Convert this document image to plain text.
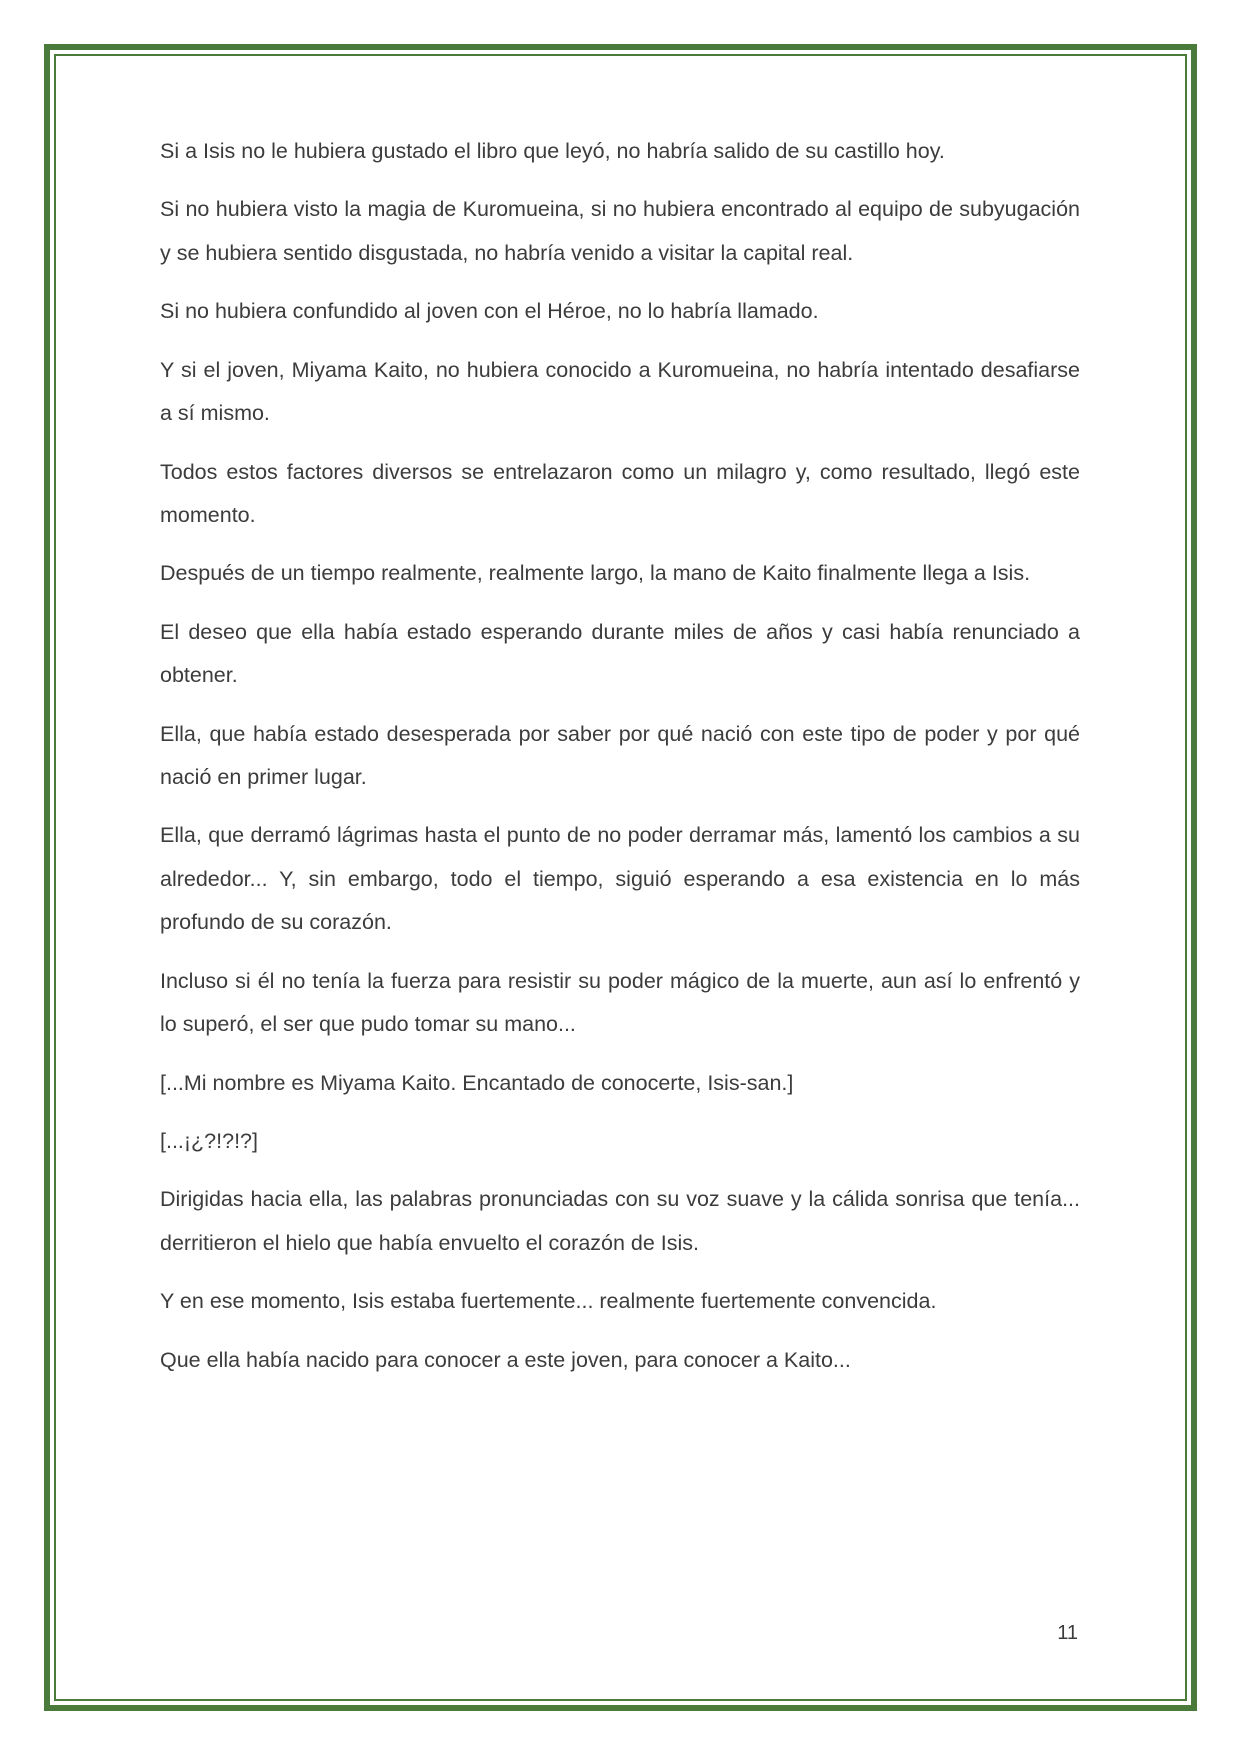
Si a Isis no le hubiera gustado el libro que leyó, no habría salido de su castillo hoy.

Si no hubiera visto la magia de Kuromueina, si no hubiera encontrado al equipo de subyugación y se hubiera sentido disgustada, no habría venido a visitar la capital real.

Si no hubiera confundido al joven con el Héroe, no lo habría llamado.

Y si el joven, Miyama Kaito, no hubiera conocido a Kuromueina, no habría intentado desafiarse a sí mismo.

Todos estos factores diversos se entrelazaron como un milagro y, como resultado, llegó este momento.

Después de un tiempo realmente, realmente largo, la mano de Kaito finalmente llega a Isis.

El deseo que ella había estado esperando durante miles de años y casi había renunciado a obtener.

Ella, que había estado desesperada por saber por qué nació con este tipo de poder y por qué nació en primer lugar.

Ella, que derramó lágrimas hasta el punto de no poder derramar más, lamentó los cambios a su alrededor... Y, sin embargo, todo el tiempo, siguió esperando a esa existencia en lo más profundo de su corazón.

Incluso si él no tenía la fuerza para resistir su poder mágico de la muerte, aun así lo enfrentó y lo superó, el ser que pudo tomar su mano...

[...Mi nombre es Miyama Kaito. Encantado de conocerte, Isis-san.]

[...¡¿?!?!?]

Dirigidas hacia ella, las palabras pronunciadas con su voz suave y la cálida sonrisa que tenía... derritieron el hielo que había envuelto el corazón de Isis.

Y en ese momento, Isis estaba fuertemente... realmente fuertemente convencida.

Que ella había nacido para conocer a este joven, para conocer a Kaito...

11
